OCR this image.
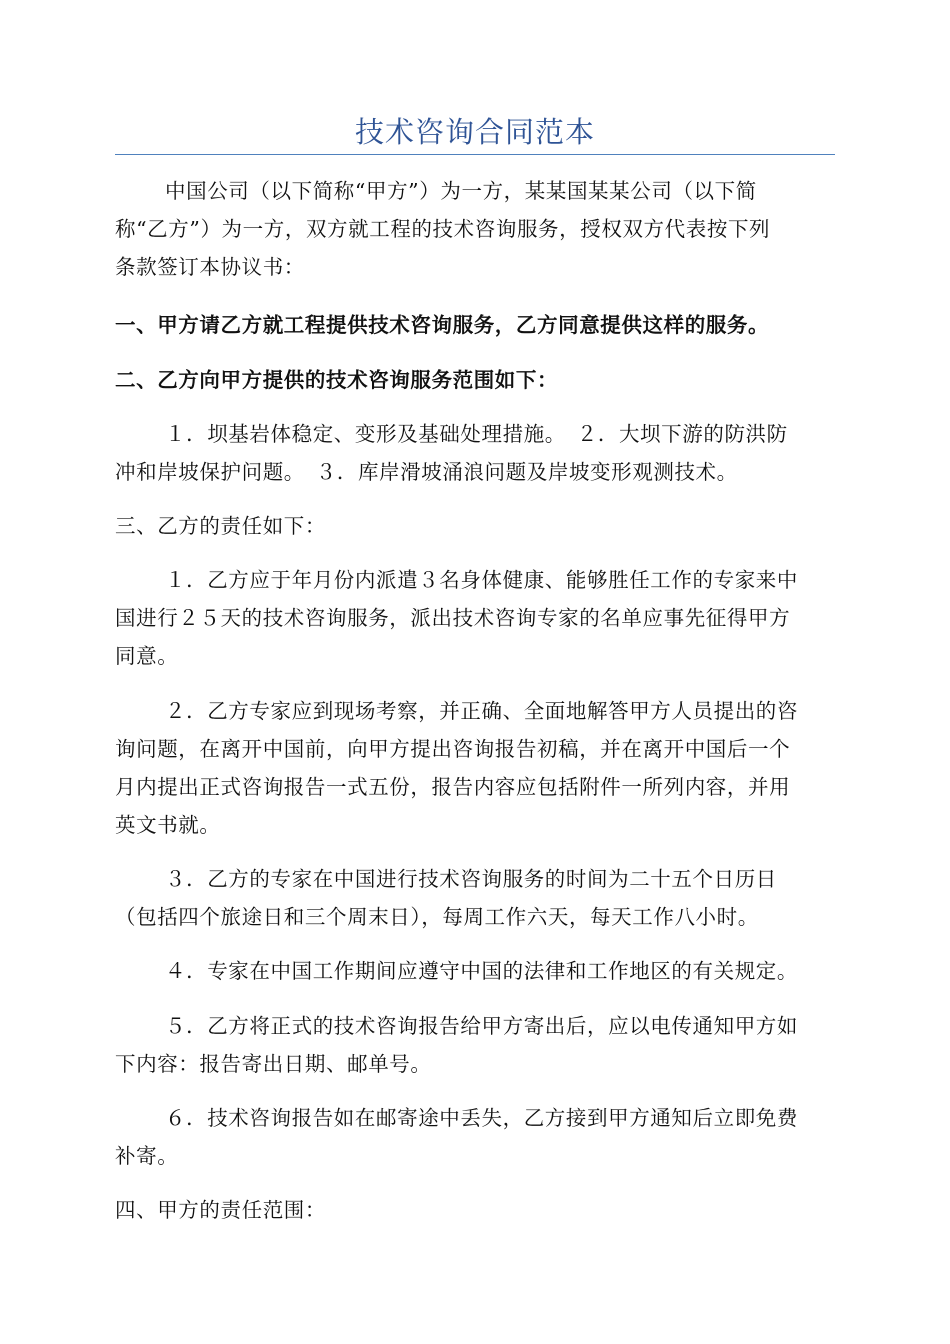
技术咨询合同范本

中国公司（以下简称“甲方”）为一方，某某国某某公司（以下简
称“乙方”）为一方，双方就工程的技术咨询服务，授权双方代表按下列
条款签订本协议书：

一、甲方请乙方就工程提供技术咨询服务，乙方同意提供这样的服务。

二、乙方向甲方提供的技术咨询服务范围如下：

１．坝基岩体稳定、变形及基础处理措施。　２．大坝下游的防洪防
冲和岸坡保护问题。　３．库岸滑坡涌浪问题及岸坡变形观测技术。

三、乙方的责任如下：

１．乙方应于年月份内派遣３名身体健康、能够胜任工作的专家来中
国进行２５天的技术咨询服务，派出技术咨询专家的名单应事先征得甲方
同意。

２．乙方专家应到现场考察，并正确、全面地解答甲方人员提出的咨
询问题，在离开中国前，向甲方提出咨询报告初稿，并在离开中国后一个
月内提出正式咨询报告一式五份，报告内容应包括附件一所列内容，并用
英文书就。

３．乙方的专家在中国进行技术咨询服务的时间为二十五个日历日
（包括四个旅途日和三个周末日），每周工作六天，每天工作八小时。

４．专家在中国工作期间应遵守中国的法律和工作地区的有关规定。

５．乙方将正式的技术咨询报告给甲方寄出后，应以电传通知甲方如
下内容：报告寄出日期、邮单号。

６．技术咨询报告如在邮寄途中丢失，乙方接到甲方通知后立即免费
补寄。

四、甲方的责任范围：
